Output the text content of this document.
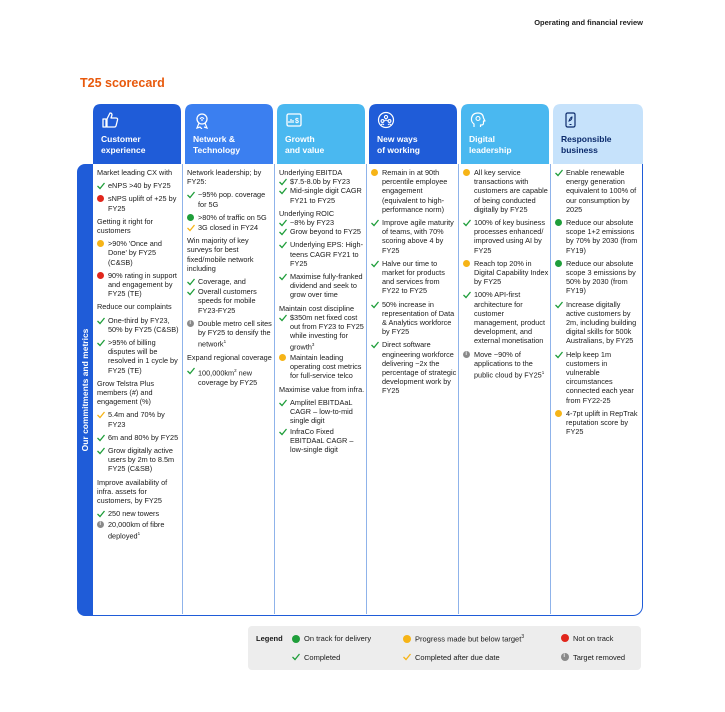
Operating and financial review
T25 scorecard
Customer
experience
Network &
Technology
$
Growth
and value
New ways
of working
Digital
leadership
Responsible
business
Our commitments and metrics

Market leading CX with

eNPS >40 by FY25
sNPS uplift of +25 by FY25

Getting it right for customers

>90% 'Once and Done' by FY25 (C&SB)
90% rating in support and engagement by FY25 (TE)

Reduce our complaints

One-third by FY23, 50% by FY25 (C&SB)
>95% of billing disputes will be resolved in 1 cycle by FY25 (TE)

Grow Telstra Plus members (#) and engagement (%)

5.4m and 70% by FY23
6m and 80% by FY25
Grow digitally active users by 2m to 8.5m FY25 (C&SB)

Improve availability of infra. assets for customers, by FY25

250 new towers
i
20,000km of fibre deployed$^1$

Network leadership; by FY25:

~95% pop. coverage for 5G
>80% of traffic on 5G
3G closed in FY24

Win majority of key surveys for best fixed/mobile network including

Coverage, and
Overall customers speeds for mobile FY23-FY25
i
Double metro cell sites by FY25 to densify the network$^1$

Expand regional coverage

$100,000km^2$ new coverage by FY25

Underlying EBITDA

$7.5-8.0b by FY23
Mid-single digit CAGR FY21 to FY25

Underlying ROIC

~8% by FY23
Grow beyond to FY25
Underlying EPS: High-teens CAGR FY21 to FY25
Maximise fully-franked dividend and seek to grow over time

Maintain cost discipline

$350m net fixed cost out from FY23 to FY25 while investing for growth$^3$
Maintain leading operating cost metrics for full-service telco

Maximise value from infra.

Amplitel EBITDAaL CAGR – low-to-mid single digit
InfraCo Fixed EBITDAaL CAGR –low-single digit
Remain in at 90th percentile employee engagement (equivalent to high-performance norm)
Improve agile maturity of teams, with 70% scoring above 4 by FY25
Halve our time to market for products and services from FY22 to FY25
50% increase in representation of Data & Analytics workforce by FY25
Direct software engineering workforce delivering ~2x the percentage of strategic development work by FY25
All key service transactions with customers are capable of being conducted digitally by FY25
100% of key business processes enhanced/ improved using AI by FY25
Reach top 20% in Digital Capability Index by FY25
100% API-first architecture for customer management, product development, and external monetisation
i
Move ~90% of applications to the public cloud by $FY25^1$
Enable renewable energy generation equivalent to 100% of our consumption by 2025
Reduce our absolute scope 1+2 emissions by 70% by 2030 (from FY19)
Reduce our absolute scope 3 emissions by 50% by 2030 (from FY19)
Increase digitally active customers by 2m, including building digital skills for 500k Australians, by FY25
Help keep 1m customers in vulnerable circumstances connected each year from FY22-25
4-7pt uplift in RepTrak reputation score by FY25
Legend	On track for delivery	Progress made but below target$^3$	Not on track
Completed	Completed after due date
i	Target removed
